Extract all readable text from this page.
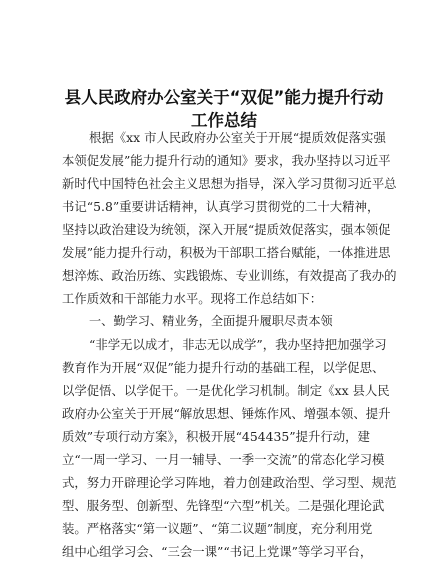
县人民政府办公室关于“双促”能力提升行动
工作总结
根据《xx 市人民政府办公室关于开展“提质效促落实强
本领促发展”能力提升行动的通知》要求，我办坚持以习近平
新时代中国特色社会主义思想为指导，深入学习贯彻习近平总
书记“5.8”重要讲话精神，认真学习贯彻党的二十大精神，
坚持以政治建设为统领，深入开展“提质效促落实，强本领促
发展”能力提升行动，积极为干部职工搭台赋能，一体推进思
想淬炼、政治历练、实践锻炼、专业训练，有效提高了我办的
工作质效和干部能力水平。现将工作总结如下：
一、勤学习、精业务，全面提升履职尽责本领
“非学无以成才，非志无以成学”，我办坚持把加强学习
教育作为开展“双促”能力提升行动的基础工程，以学促思、
以学促悟、以学促干。一是优化学习机制。制定《xx 县人民
政府办公室关于开展“解放思想、锤炼作风、增强本领、提升
质效”专项行动方案》，积极开展“454435”提升行动，建
立“一周一学习、一月一辅导、一季一交流”的常态化学习模
式，努力开辟理论学习阵地，着力创建政治型、学习型、规范
型、服务型、创新型、先锋型“六型”机关。二是强化理论武
装。严格落实“第一议题”、“第二议题”制度，充分利用党
组中心组学习会、“三会一课”“书记上党课”等学习平台，
